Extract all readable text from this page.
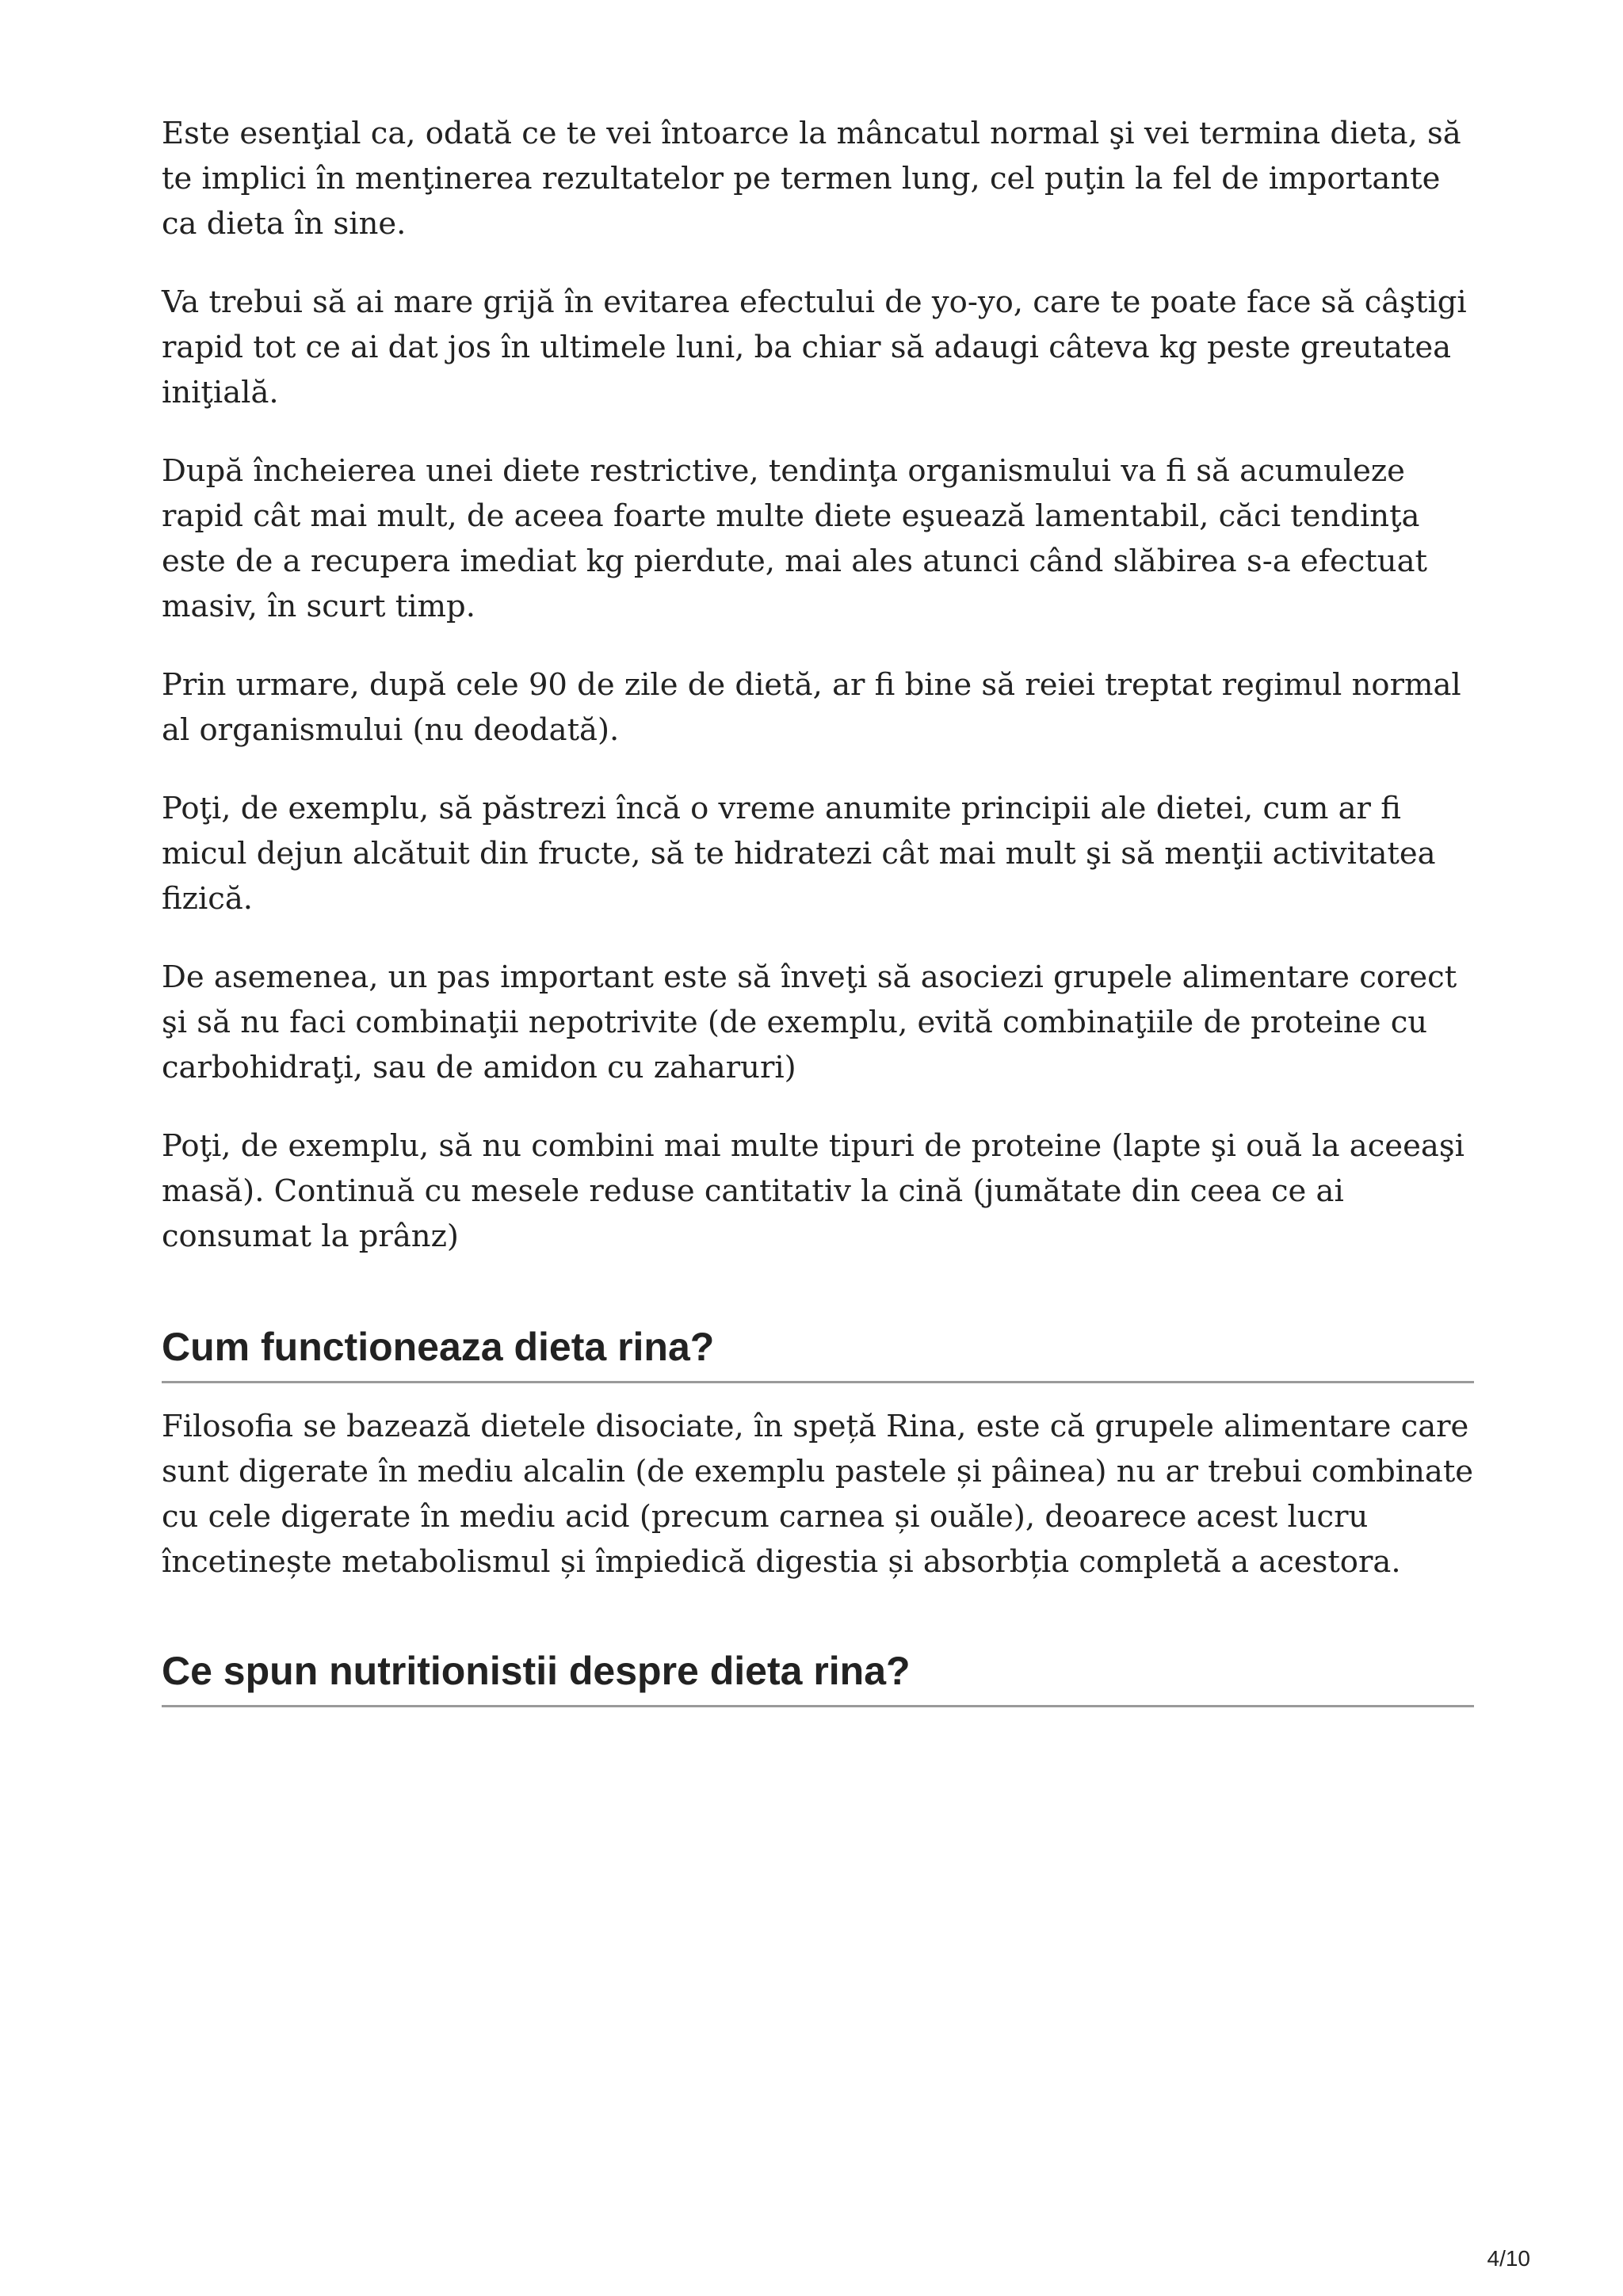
Este esenţial ca, odată ce te vei întoarce la mâncatul normal şi vei termina dieta, să te implici în menţinerea rezultatelor pe termen lung, cel puţin la fel de importante ca dieta în sine.

Va trebui să ai mare grijă în evitarea efectului de yo-yo, care te poate face să câştigi rapid tot ce ai dat jos în ultimele luni, ba chiar să adaugi câteva kg peste greutatea iniţială.

După încheierea unei diete restrictive, tendinţa organismului va fi să acumuleze rapid cât mai mult, de aceea foarte multe diete eşuează lamentabil, căci tendinţa este de a recupera imediat kg pierdute, mai ales atunci când slăbirea s-a efectuat masiv, în scurt timp.

Prin urmare, după cele 90 de zile de dietă, ar fi bine să reiei treptat regimul normal al organismului (nu deodată).

Poţi, de exemplu, să păstrezi încă o vreme anumite principii ale dietei, cum ar fi micul dejun alcătuit din fructe, să te hidratezi cât mai mult şi să menţii activitatea fizică.

De asemenea, un pas important este să înveţi să asociezi grupele alimentare corect şi să nu faci combinaţii nepotrivite (de exemplu, evită combinaţiile de proteine cu carbohidraţi, sau de amidon cu zaharuri)

Poţi, de exemplu, să nu combini mai multe tipuri de proteine (lapte şi ouă la aceeaşi masă). Continuă cu mesele reduse cantitativ la cină (jumătate din ceea ce ai consumat la prânz)

Cum functioneaza dieta rina?

Filosofia se bazează dietele disociate, în speță Rina, este că grupele alimentare care sunt digerate în mediu alcalin (de exemplu pastele și pâinea) nu ar trebui combinate cu cele digerate în mediu acid (precum carnea și ouăle), deoarece acest lucru încetinește metabolismul și împiedică digestia și absorbția completă a acestora.

Ce spun nutritionistii despre dieta rina?
4/10
